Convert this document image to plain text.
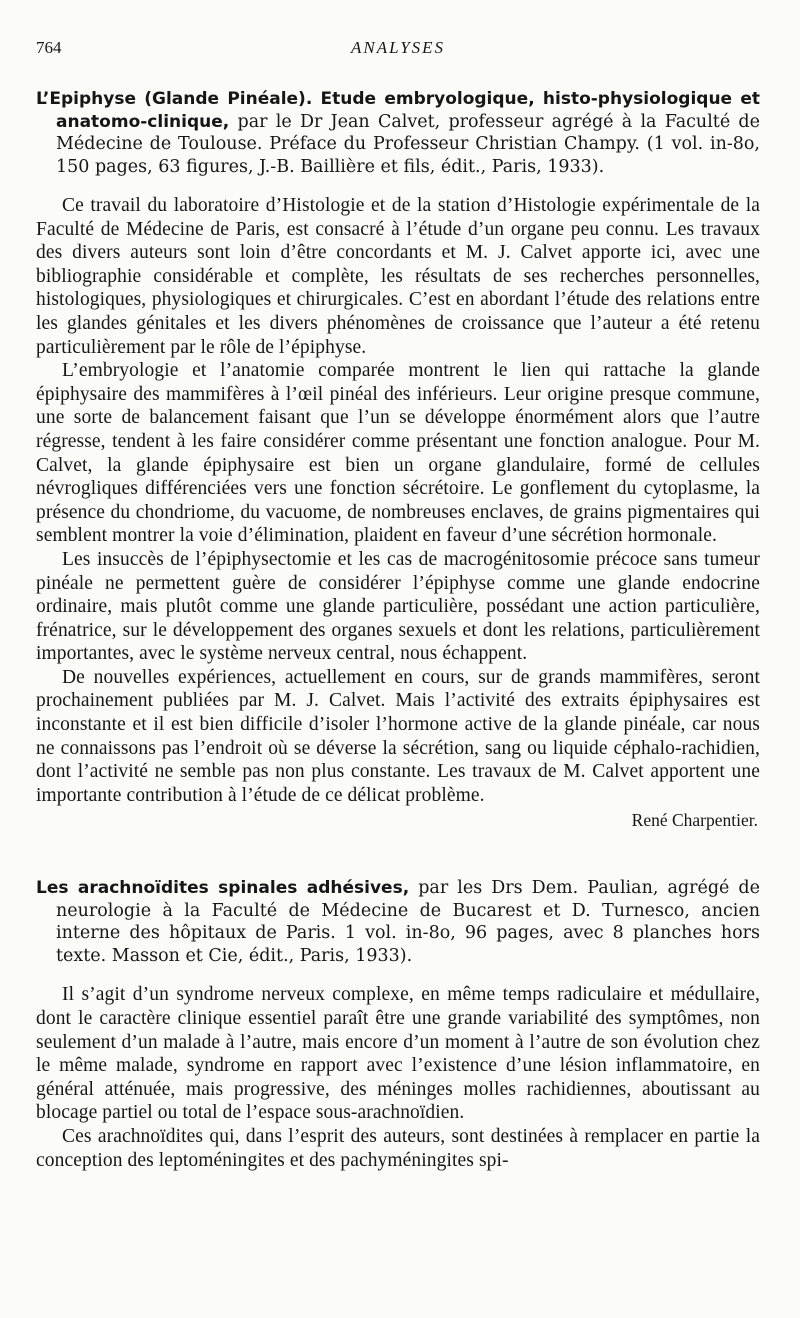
764	ANALYSES

L’Epiphyse (Glande Pinéale). Etude embryologique, histo-physiologique et anatomo-clinique, par le Dr Jean Calvet, professeur agrégé à la Faculté de Médecine de Toulouse. Préface du Professeur Christian Champy. (1 vol. in-8o, 150 pages, 63 figures, J.-B. Baillière et fils, édit., Paris, 1933).

Ce travail du laboratoire d’Histologie et de la station d’Histologie expérimentale de la Faculté de Médecine de Paris, est consacré à l’étude d’un organe peu connu. Les travaux des divers auteurs sont loin d’être concordants et M. J. Calvet apporte ici, avec une bibliographie considérable et complète, les résultats de ses recherches personnelles, histologiques, physiologiques et chirurgicales. C’est en abordant l’étude des relations entre les glandes génitales et les divers phénomènes de croissance que l’auteur a été retenu particulièrement par le rôle de l’épiphyse.

L’embryologie et l’anatomie comparée montrent le lien qui rattache la glande épiphysaire des mammifères à l’œil pinéal des inférieurs. Leur origine presque commune, une sorte de balancement faisant que l’un se développe énormément alors que l’autre régresse, tendent à les faire considérer comme présentant une fonction analogue. Pour M. Calvet, la glande épiphysaire est bien un organe glandulaire, formé de cellules névrogliques différenciées vers une fonction sécrétoire. Le gonflement du cytoplasme, la présence du chondriome, du vacuome, de nombreuses enclaves, de grains pigmentaires qui semblent montrer la voie d’élimination, plaident en faveur d’une sécrétion hormonale.

Les insuccès de l’épiphysectomie et les cas de macrogénitosomie précoce sans tumeur pinéale ne permettent guère de considérer l’épiphyse comme une glande endocrine ordinaire, mais plutôt comme une glande particulière, possédant une action particulière, frénatrice, sur le développement des organes sexuels et dont les relations, particulièrement importantes, avec le système nerveux central, nous échappent.

De nouvelles expériences, actuellement en cours, sur de grands mammifères, seront prochainement publiées par M. J. Calvet. Mais l’activité des extraits épiphysaires est inconstante et il est bien difficile d’isoler l’hormone active de la glande pinéale, car nous ne connaissons pas l’endroit où se déverse la sécrétion, sang ou liquide céphalo-rachidien, dont l’activité ne semble pas non plus constante. Les travaux de M. Calvet apportent une importante contribution à l’étude de ce délicat problème.

René Charpentier.

Les arachnoïdites spinales adhésives, par les Drs Dem. Paulian, agrégé de neurologie à la Faculté de Médecine de Bucarest et D. Turnesco, ancien interne des hôpitaux de Paris. 1 vol. in-8o, 96 pages, avec 8 planches hors texte. Masson et Cie, édit., Paris, 1933).

Il s’agit d’un syndrome nerveux complexe, en même temps radiculaire et médullaire, dont le caractère clinique essentiel paraît être une grande variabilité des symptômes, non seulement d’un malade à l’autre, mais encore d’un moment à l’autre de son évolution chez le même malade, syndrome en rapport avec l’existence d’une lésion inflammatoire, en général atténuée, mais progressive, des méninges molles rachidiennes, aboutissant au blocage partiel ou total de l’espace sous-arachnoïdien.

Ces arachnoïdites qui, dans l’esprit des auteurs, sont destinées à remplacer en partie la conception des leptoméningites et des pachyméningites spi-
